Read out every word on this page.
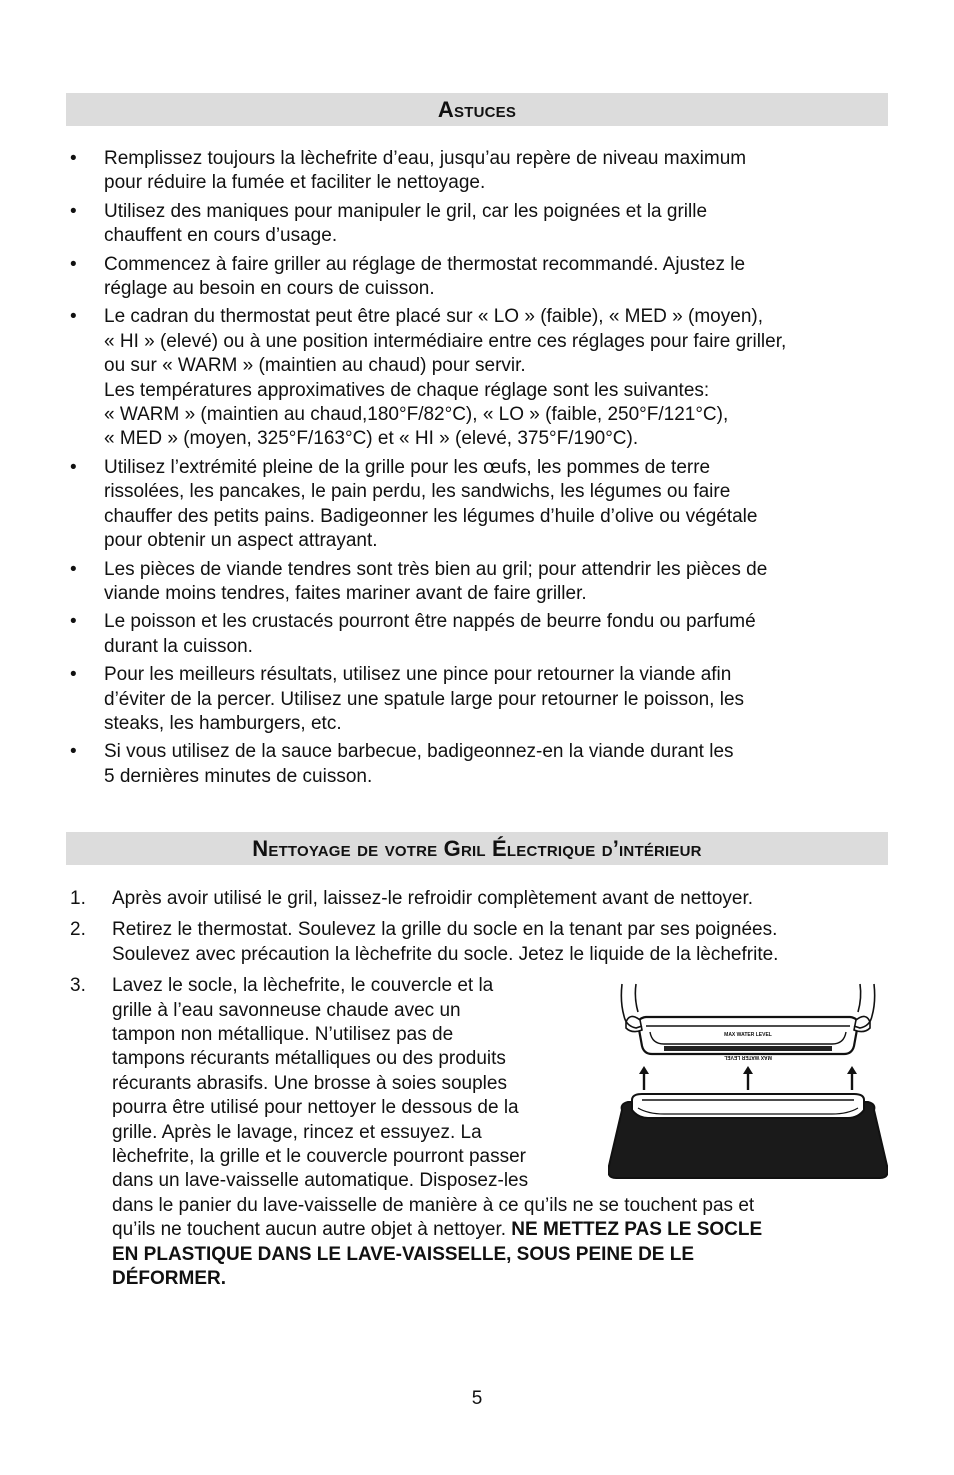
Astuces
• Remplissez toujours la lèchefrite d’eau, jusqu’au repère de niveau maximum
pour réduire la fumée et faciliter le nettoyage.
• Utilisez des maniques pour manipuler le gril, car les poignées et la grille
chauffent en cours d’usage.
• Commencez à faire griller au réglage de thermostat recommandé. Ajustez le
réglage au besoin en cours de cuisson.
• Le cadran du thermostat peut être placé sur « LO » (faible), « MED » (moyen),
« HI » (elevé) ou à une position intermédiaire entre ces réglages pour faire griller,
ou sur « WARM » (maintien au chaud) pour servir.
Les températures approximatives de chaque réglage sont les suivantes:
« WARM » (maintien au chaud,180°F/82°C), « LO » (faible, 250°F/121°C),
« MED » (moyen, 325°F/163°C) et « HI » (elevé, 375°F/190°C).
• Utilisez l’extrémité pleine de la grille pour les œufs, les pommes de terre
rissolées, les pancakes, le pain perdu, les sandwichs, les légumes ou faire
chauffer des petits pains. Badigeonner les légumes d’huile d’olive ou végétale
pour obtenir un aspect attrayant.
• Les pièces de viande tendres sont très bien au gril; pour attendrir les pièces de
viande moins tendres, faites mariner avant de faire griller.
• Le poisson et les crustacés pourront être nappés de beurre fondu ou parfumé
durant la cuisson.
• Pour les meilleurs résultats, utilisez une pince pour retourner la viande afin
d’éviter de la percer. Utilisez une spatule large pour retourner le poisson, les
steaks, les hamburgers, etc.
• Si vous utilisez de la sauce barbecue, badigeonnez-en la viande durant les
5 dernières minutes de cuisson.
Nettoyage de votre Gril Électrique d’intérieur
1. Après avoir utilisé le gril, laissez-le refroidir complètement avant de nettoyer.
2. Retirez le thermostat. Soulevez la grille du socle en la tenant par ses poignées.
Soulevez avec précaution la lèchefrite du socle. Jetez le liquide de la lèchefrite.
3. Lavez le socle, la lèchefrite, le couvercle et la
grille à l’eau savonneuse chaude avec un
tampon non métallique. N’utilisez pas de
tampons récurants métalliques ou des produits
récurants abrasifs. Une brosse à soies souples
pourra être utilisé pour nettoyer le dessous de la
grille. Après le lavage, rincez et essuyez. La
lèchefrite, la grille et le couvercle pourront passer
dans un lave-vaisselle automatique. Disposez-les
dans le panier du lave-vaisselle de manière à ce qu’ils ne se touchent pas et
qu’ils ne touchent aucun autre objet à nettoyer. NE METTEZ PAS LE SOCLE
EN PLASTIQUE DANS LE LAVE-VAISSELLE, SOUS PEINE DE LE
DÉFORMER.
MAX WATER LEVEL
MAX WATER LEVEL
5
